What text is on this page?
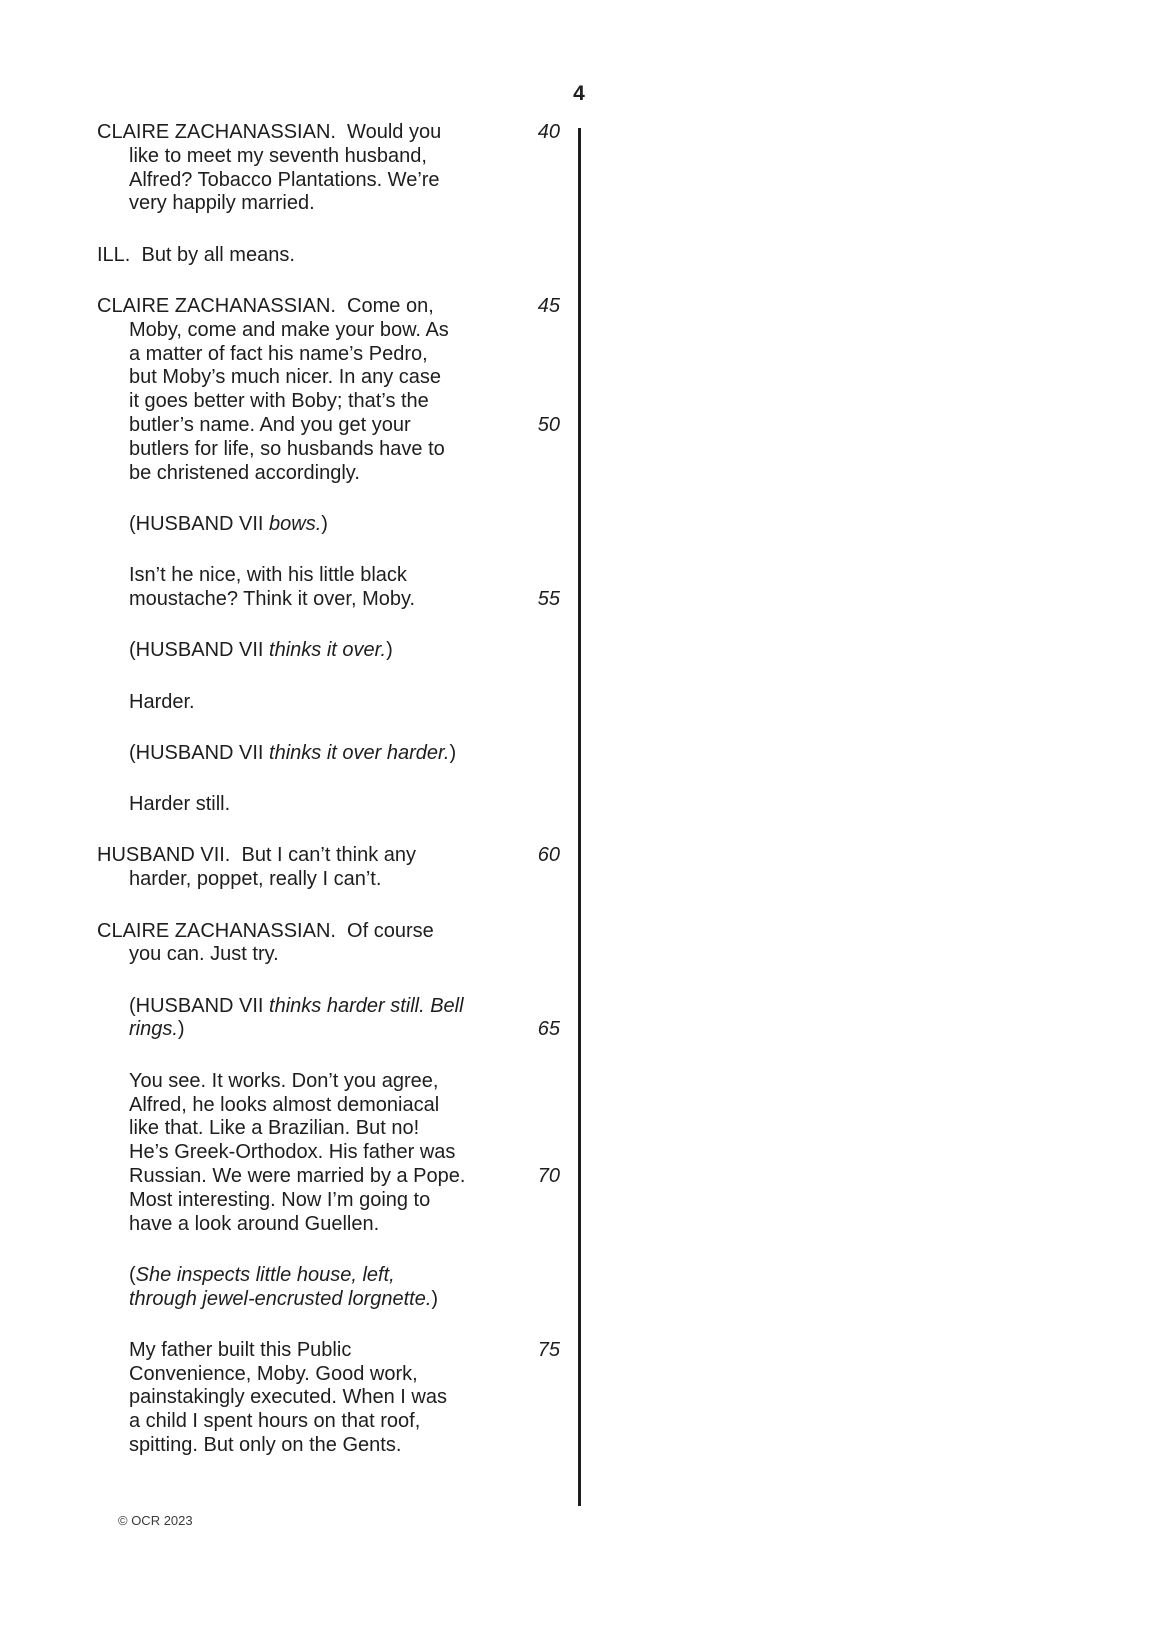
4
CLAIRE ZACHANASSIAN.  Would you	40
like to meet my seventh husband,
Alfred? Tobacco Plantations. We’re
very happily married.
ILL.  But by all means.
CLAIRE ZACHANASSIAN.  Come on,	45
Moby, come and make your bow. As
a matter of fact his name’s Pedro,
but Moby’s much nicer. In any case
it goes better with Boby; that’s the
butler’s name. And you get your	50
butlers for life, so husbands have to
be christened accordingly.
(HUSBAND VII bows.)
Isn’t he nice, with his little black
moustache? Think it over, Moby.	55
(HUSBAND VII thinks it over.)
Harder.
(HUSBAND VII thinks it over harder.)
Harder still.
HUSBAND VII.  But I can’t think any	60
harder, poppet, really I can’t.
CLAIRE ZACHANASSIAN.  Of course
you can. Just try.
(HUSBAND VII thinks harder still. Bell
rings.)	65
You see. It works. Don’t you agree,
Alfred, he looks almost demoniacal
like that. Like a Brazilian. But no!
He’s Greek-Orthodox. His father was
Russian. We were married by a Pope.	70
Most interesting. Now I’m going to
have a look around Guellen.
(She inspects little house, left,
through jewel-encrusted lorgnette.)
My father built this Public	75
Convenience, Moby. Good work,
painstakingly executed. When I was
a child I spent hours on that roof,
spitting. But only on the Gents.
© OCR 2023
